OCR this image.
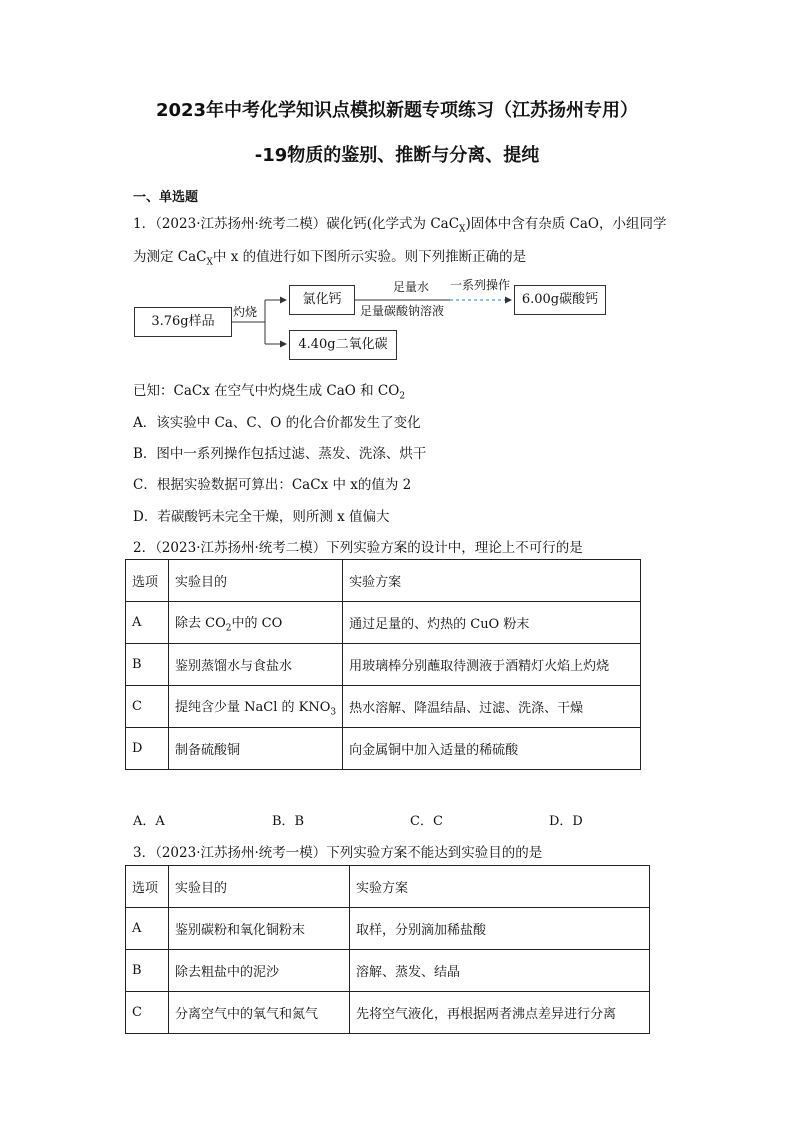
2023年中考化学知识点模拟新题专项练习（江苏扬州专用）
-19物质的鉴别、推断与分离、提纯
一、单选题
1．（2023·江苏扬州·统考二模）碳化钙(化学式为 CaC$_X$)固体中含有杂质 CaO，小组同学
为测定 CaC$_X$中 x 的值进行如下图所示实验。则下列推断正确的是
3.76g样品
灼烧
氯化钙
足量水
足量碳酸钠溶液
一系列操作
6.00g碳酸钙
4.40g二氧化碳
已知：CaCx 在空气中灼烧生成 CaO 和 $CO_2$
A．该实验中 Ca、C、O 的化合价都发生了变化
B．图中一系列操作包括过滤、蒸发、洗涤、烘干
C．根据实验数据可算出：CaCx 中 x的值为 2
D．若碳酸钙未完全干燥，则所测 x 值偏大
2．（2023·江苏扬州·统考二模）下列实验方案的设计中，理论上不可行的是
选项	实验目的	实验方案
A	除去 $CO_2$中的 CO	通过足量的、灼热的 CuO 粉末
B	鉴别蒸馏水与食盐水	用玻璃棒分别蘸取待测液于酒精灯火焰上灼烧
C	提纯含少量 NaCl 的 $KNO_3$	热水溶解、降温结晶、过滤、洗涤、干燥
D	制备硫酸铜	向金属铜中加入适量的稀硫酸
A．A	B．B	C．C	D．D
3．（2023·江苏扬州·统考一模）下列实验方案不能达到实验目的的是
选项	实验目的	实验方案
A	鉴别碳粉和氧化铜粉末	取样，分别滴加稀盐酸
B	除去粗盐中的泥沙	溶解、蒸发、结晶
C	分离空气中的氧气和氮气	先将空气液化，再根据两者沸点差异进行分离
